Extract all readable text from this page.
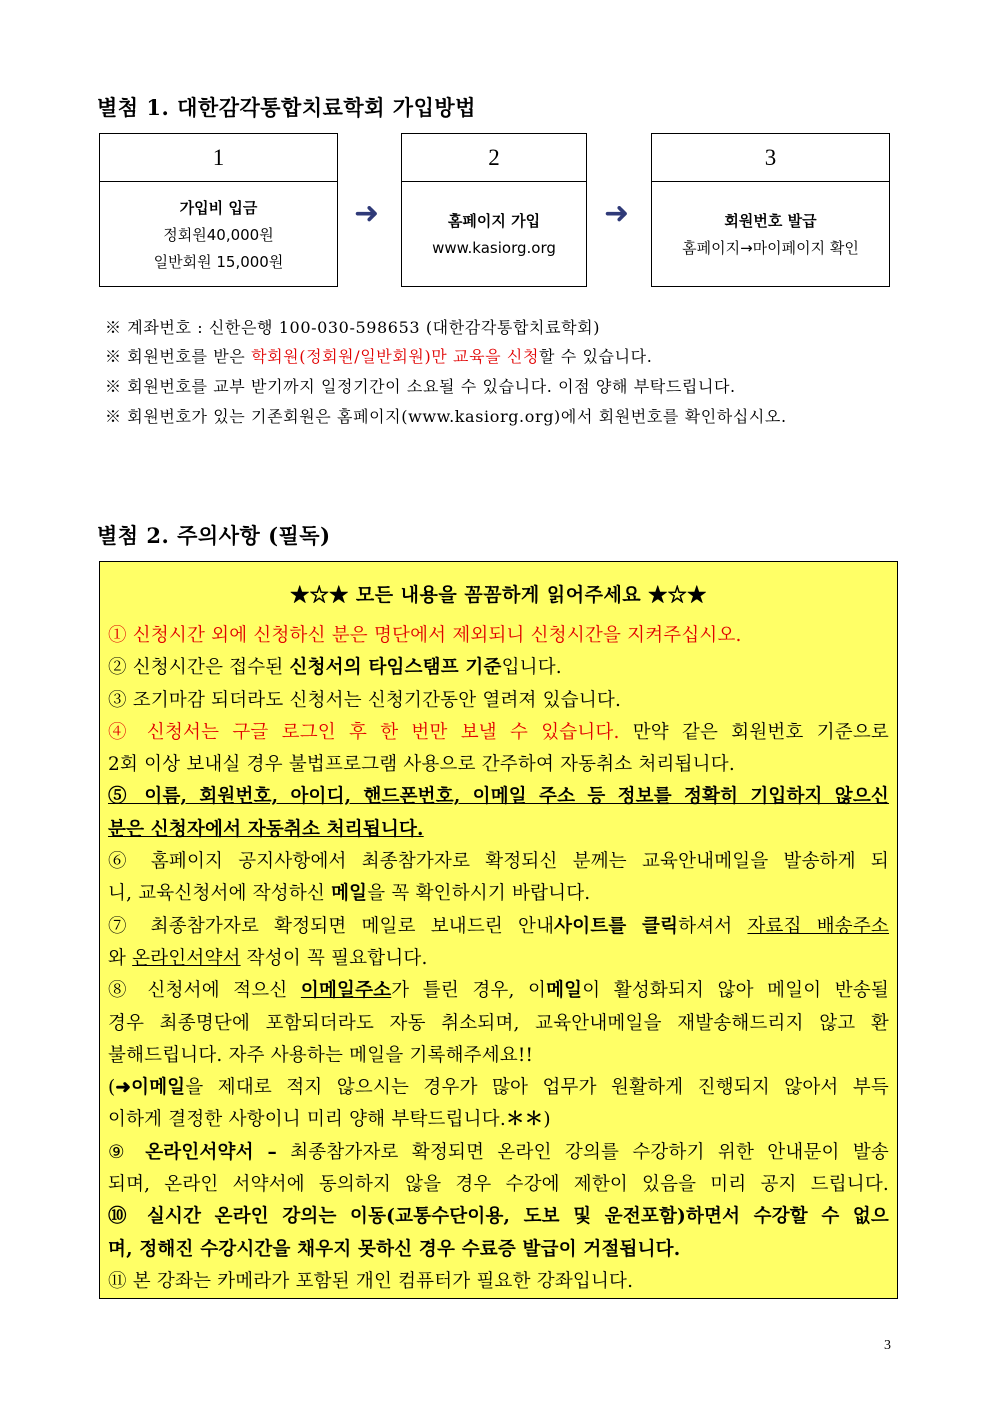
별첨 1. 대한감각통합치료학회 가입방법
1
가입비 입금
정회원40,000원
일반회원 15,000원
➜
2
홈페이지 가입
www.kasiorg.org
➜
3
회원번호 발급
홈페이지→마이페이지 확인
※ 계좌번호 : 신한은행 100-030-598653 (대한감각통합치료학회)
※ 회원번호를 받은 학회원(정회원/일반회원)만 교육을 신청할 수 있습니다.
※ 회원번호를 교부 받기까지 일정기간이 소요될 수 있습니다. 이점 양해 부탁드립니다.
※ 회원번호가 있는 기존회원은 홈페이지(www.kasiorg.org)에서 회원번호를 확인하십시오.
별첨 2. 주의사항 (필독)
★☆★ 모든 내용을 꼼꼼하게 읽어주세요 ★☆★
① 신청시간 외에 신청하신 분은 명단에서 제외되니 신청시간을 지켜주십시오.
② 신청시간은 접수된 신청서의 타임스탬프 기준입니다.
③ 조기마감 되더라도 신청서는 신청기간동안 열려져 있습니다.
④ 신청서는 구글 로그인 후 한 번만 보낼 수 있습니다. 만약 같은 회원번호 기준으로
2회 이상 보내실 경우 불법프로그램 사용으로 간주하여 자동취소 처리됩니다.
⑤ 이름, 회원번호, 아이디, 핸드폰번호, 이메일 주소 등 정보를 정확히 기입하지 않으신
분은 신청자에서 자동취소 처리됩니다.
⑥ 홈페이지 공지사항에서 최종참가자로 확정되신 분께는 교육안내메일을 발송하게 되
니, 교육신청서에 작성하신 메일을 꼭 확인하시기 바랍니다.
⑦ 최종참가자로 확정되면 메일로 보내드린 안내사이트를 클릭하셔서 자료집 배송주소
와 온라인서약서 작성이 꼭 필요합니다.
⑧ 신청서에 적으신 이메일주소가 틀린 경우, 이메일이 활성화되지 않아 메일이 반송될
경우 최종명단에 포함되더라도 자동 취소되며, 교육안내메일을 재발송해드리지 않고 환
불해드립니다. 자주 사용하는 메일을 기록해주세요!!
(➜이메일을 제대로 적지 않으시는 경우가 많아 업무가 원활하게 진행되지 않아서 부득
이하게 결정한 사항이니 미리 양해 부탁드립니다.＊＊)
⑨ 온라인서약서 – 최종참가자로 확정되면 온라인 강의를 수강하기 위한 안내문이 발송
되며, 온라인 서약서에 동의하지 않을 경우 수강에 제한이 있음을 미리 공지 드립니다.
⑩ 실시간 온라인 강의는 이동(교통수단이용, 도보 및 운전포함)하면서 수강할 수 없으
며, 정해진 수강시간을 채우지 못하신 경우 수료증 발급이 거절됩니다.
⑪ 본 강좌는 카메라가 포함된 개인 컴퓨터가 필요한 강좌입니다.
3
